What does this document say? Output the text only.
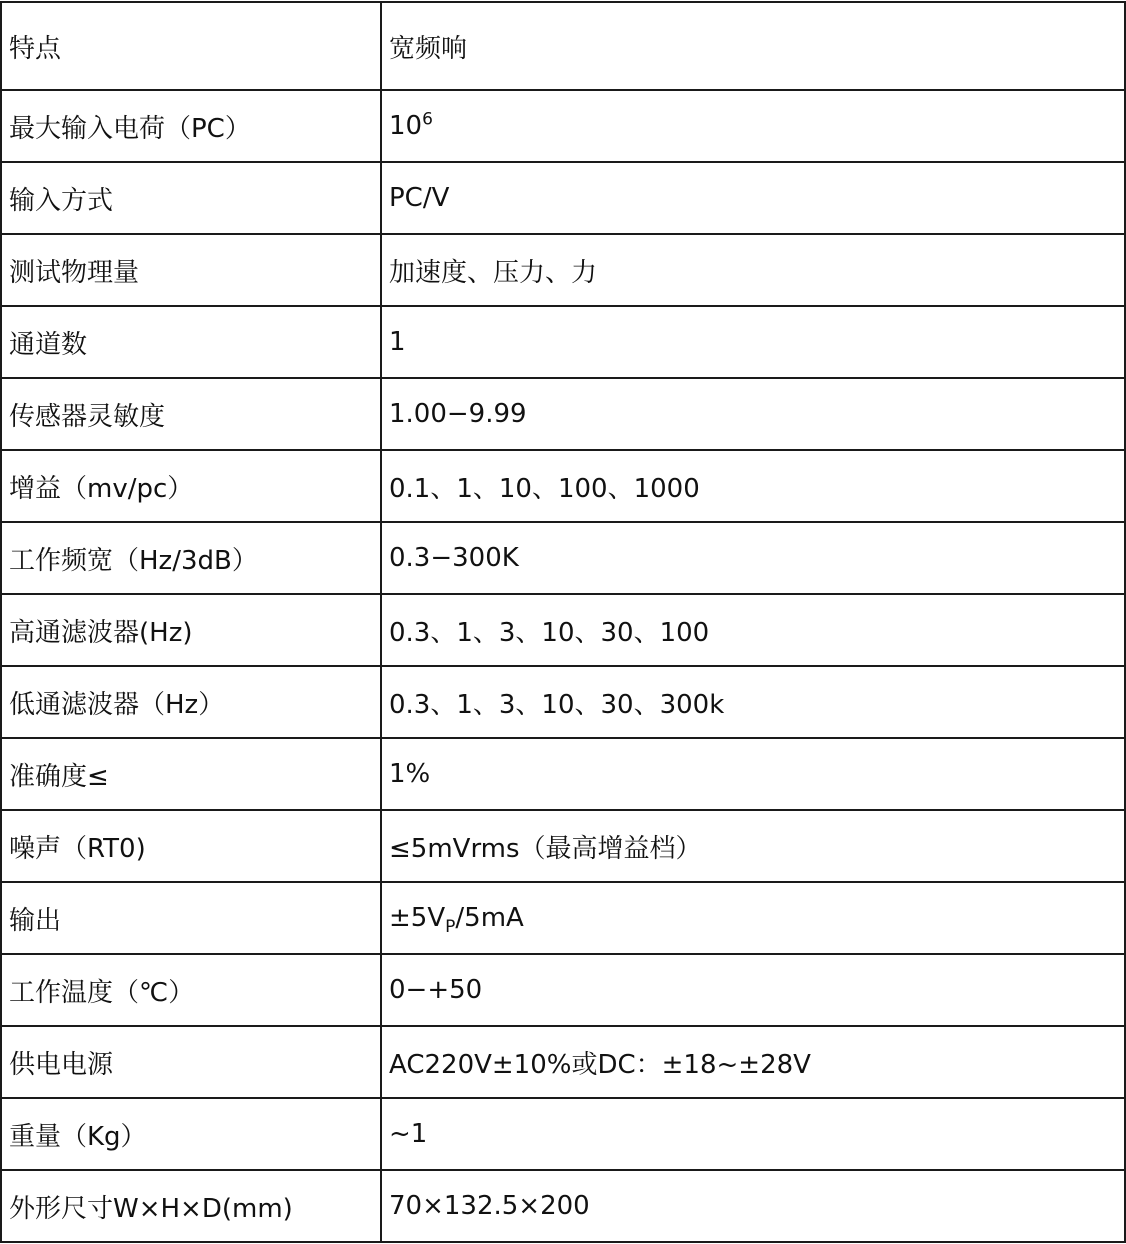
特点	宽频响
最大输入电荷（PC）	$10^6$
输入方式	PC/V
测试物理量	加速度、压力、力
通道数	1
传感器灵敏度	1.00−9.99
增益（mv/pc）	0.1、1、10、100、1000
工作频宽（Hz/3dB）	0.3−300K
高通滤波器(Hz)	0.3、1、3、10、30、100
低通滤波器（Hz）	0.3、1、3、10、30、300k
准确度≤	1%
噪声（RT0)	≤5mVrms（最高增益档）
输出	$\pm 5V_P/5mA$
工作温度（℃）	0−+50
供电电源	AC220V±10%或DC：±18~±28V
重量（Kg）	~1
外形尺寸W×H×D(mm)	70×132.5×200
